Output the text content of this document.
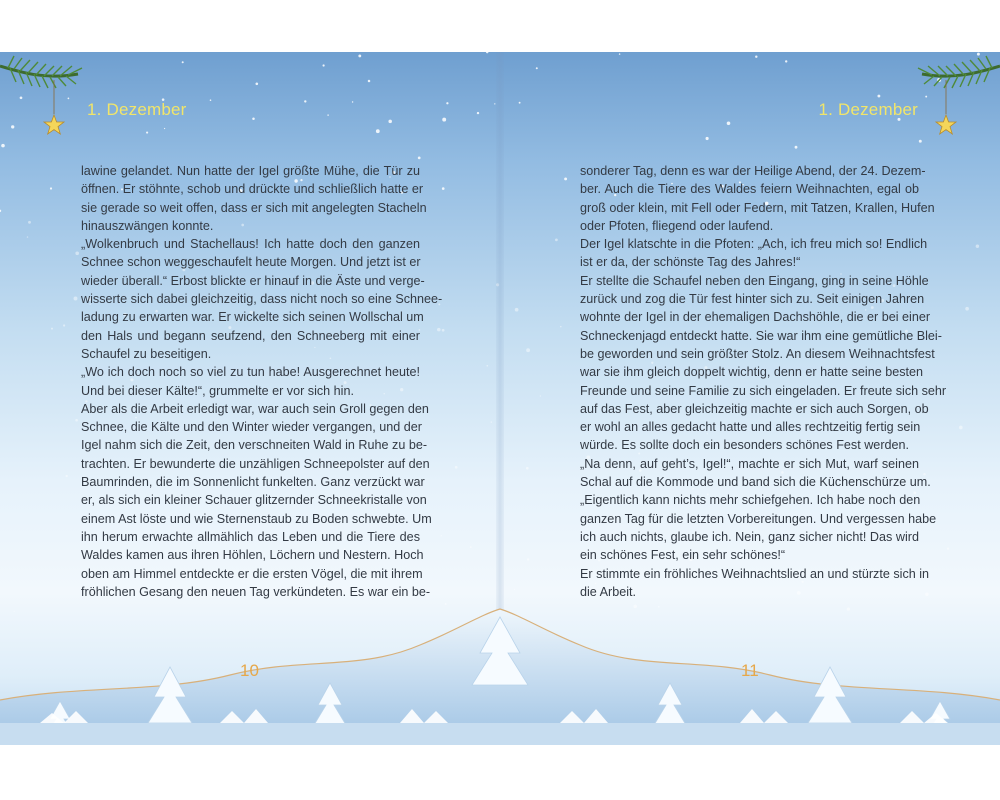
1. Dezember	1. Dezember
lawine gelandet. Nun hatte der Igel größte Mühe, die Tür zu
öffnen. Er stöhnte, schob und drückte und schließlich hatte er
sie gerade so weit offen, dass er sich mit angelegten Stacheln
hinauszwängen konnte.
„Wolkenbruch und Stachellaus! Ich hatte doch den ganzen
Schnee schon weggeschaufelt heute Morgen. Und jetzt ist er
wieder überall.“ Erbost blickte er hinauf in die Äste und verge-
wisserte sich dabei gleichzeitig, dass nicht noch so eine Schnee-
ladung zu erwarten war. Er wickelte sich seinen Wollschal um
den Hals und begann seufzend, den Schneeberg mit einer
Schaufel zu beseitigen.
„Wo ich doch noch so viel zu tun habe! Ausgerechnet heute!
Und bei dieser Kälte!“, grummelte er vor sich hin.
Aber als die Arbeit erledigt war, war auch sein Groll gegen den
Schnee, die Kälte und den Winter wieder vergangen, und der
Igel nahm sich die Zeit, den verschneiten Wald in Ruhe zu be-
trachten. Er bewunderte die unzähligen Schneepolster auf den
Baumrinden, die im Sonnenlicht funkelten. Ganz verzückt war
er, als sich ein kleiner Schauer glitzernder Schneekristalle von
einem Ast löste und wie Sternenstaub zu Boden schwebte. Um
ihn herum erwachte allmählich das Leben und die Tiere des
Waldes kamen aus ihren Höhlen, Löchern und Nestern. Hoch
oben am Himmel entdeckte er die ersten Vögel, die mit ihrem
fröhlichen Gesang den neuen Tag verkündeten. Es war ein be-
sonderer Tag, denn es war der Heilige Abend, der 24. Dezem-
ber. Auch die Tiere des Waldes feiern Weihnachten, egal ob
groß oder klein, mit Fell oder Federn, mit Tatzen, Krallen, Hufen
oder Pfoten, fliegend oder laufend.
Der Igel klatschte in die Pfoten: „Ach, ich freu mich so! Endlich
ist er da, der schönste Tag des Jahres!“
Er stellte die Schaufel neben den Eingang, ging in seine Höhle
zurück und zog die Tür fest hinter sich zu. Seit einigen Jahren
wohnte der Igel in der ehemaligen Dachshöhle, die er bei einer
Schneckenjagd entdeckt hatte. Sie war ihm eine gemütliche Blei-
be geworden und sein größter Stolz. An diesem Weihnachtsfest
war sie ihm gleich doppelt wichtig, denn er hatte seine besten
Freunde und seine Familie zu sich eingeladen. Er freute sich sehr
auf das Fest, aber gleichzeitig machte er sich auch Sorgen, ob
er wohl an alles gedacht hatte und alles rechtzeitig fertig sein
würde. Es sollte doch ein besonders schönes Fest werden.
„Na denn, auf geht’s, Igel!“, machte er sich Mut, warf seinen
Schal auf die Kommode und band sich die Küchenschürze um.
„Eigentlich kann nichts mehr schiefgehen. Ich habe noch den
ganzen Tag für die letzten Vorbereitungen. Und vergessen habe
ich auch nichts, glaube ich. Nein, ganz sicher nicht! Das wird
ein schönes Fest, ein sehr schönes!“
Er stimmte ein fröhliches Weihnachtslied an und stürzte sich in
die Arbeit.
10	11
